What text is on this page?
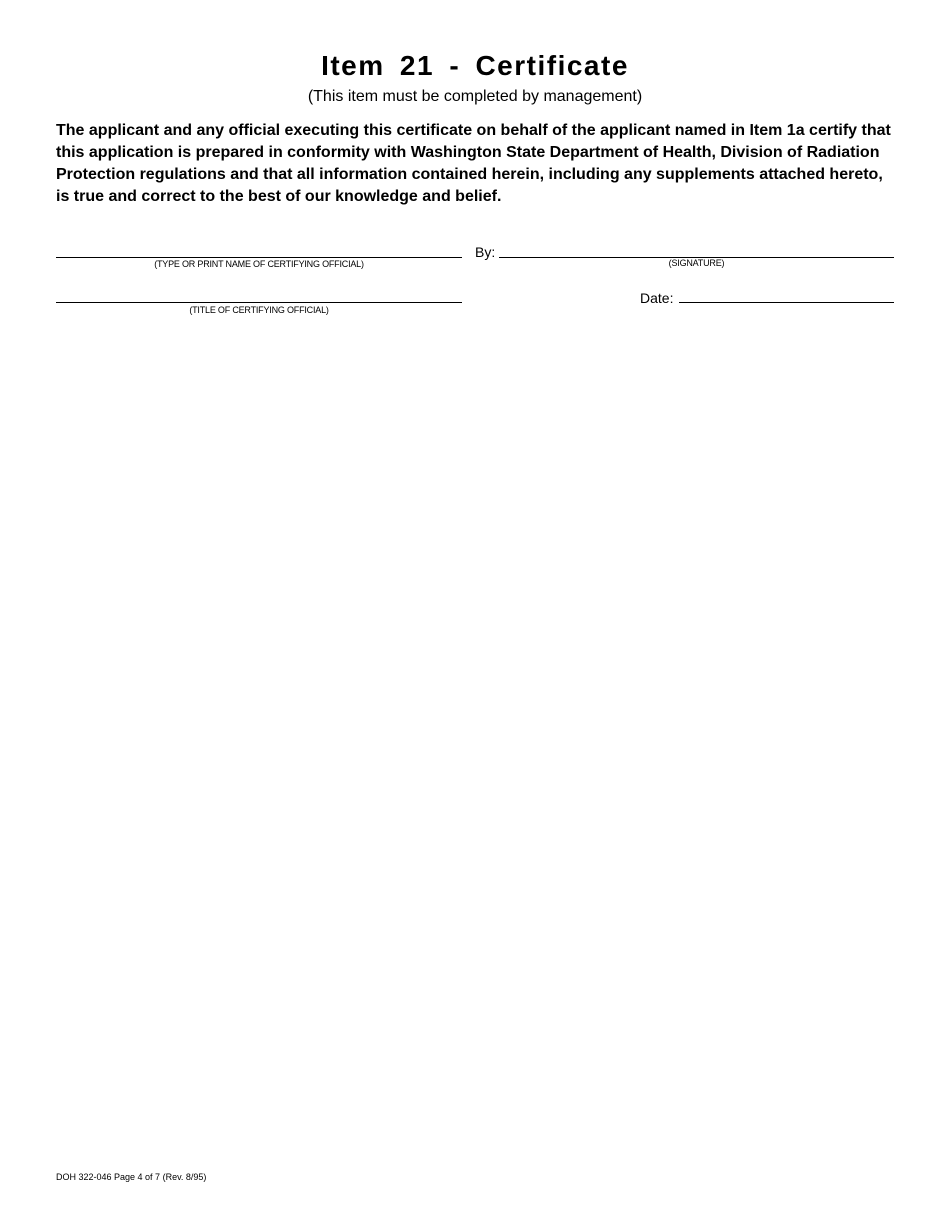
Item 21 - Certificate
(This item must be completed by management)

The applicant and any official executing this certificate on behalf of the applicant named in Item 1a certify that this application is prepared in conformity with Washington State Department of Health, Division of Radiation Protection regulations and that all information contained herein, including any supplements attached hereto, is true and correct to the best of our knowledge and belief.

(TYPE OR PRINT NAME OF CERTIFYING OFFICIAL)
By:
(SIGNATURE)
(TITLE OF CERTIFYING OFFICIAL)
Date:
DOH 322-046 Page 4 of 7 (Rev. 8/95)
